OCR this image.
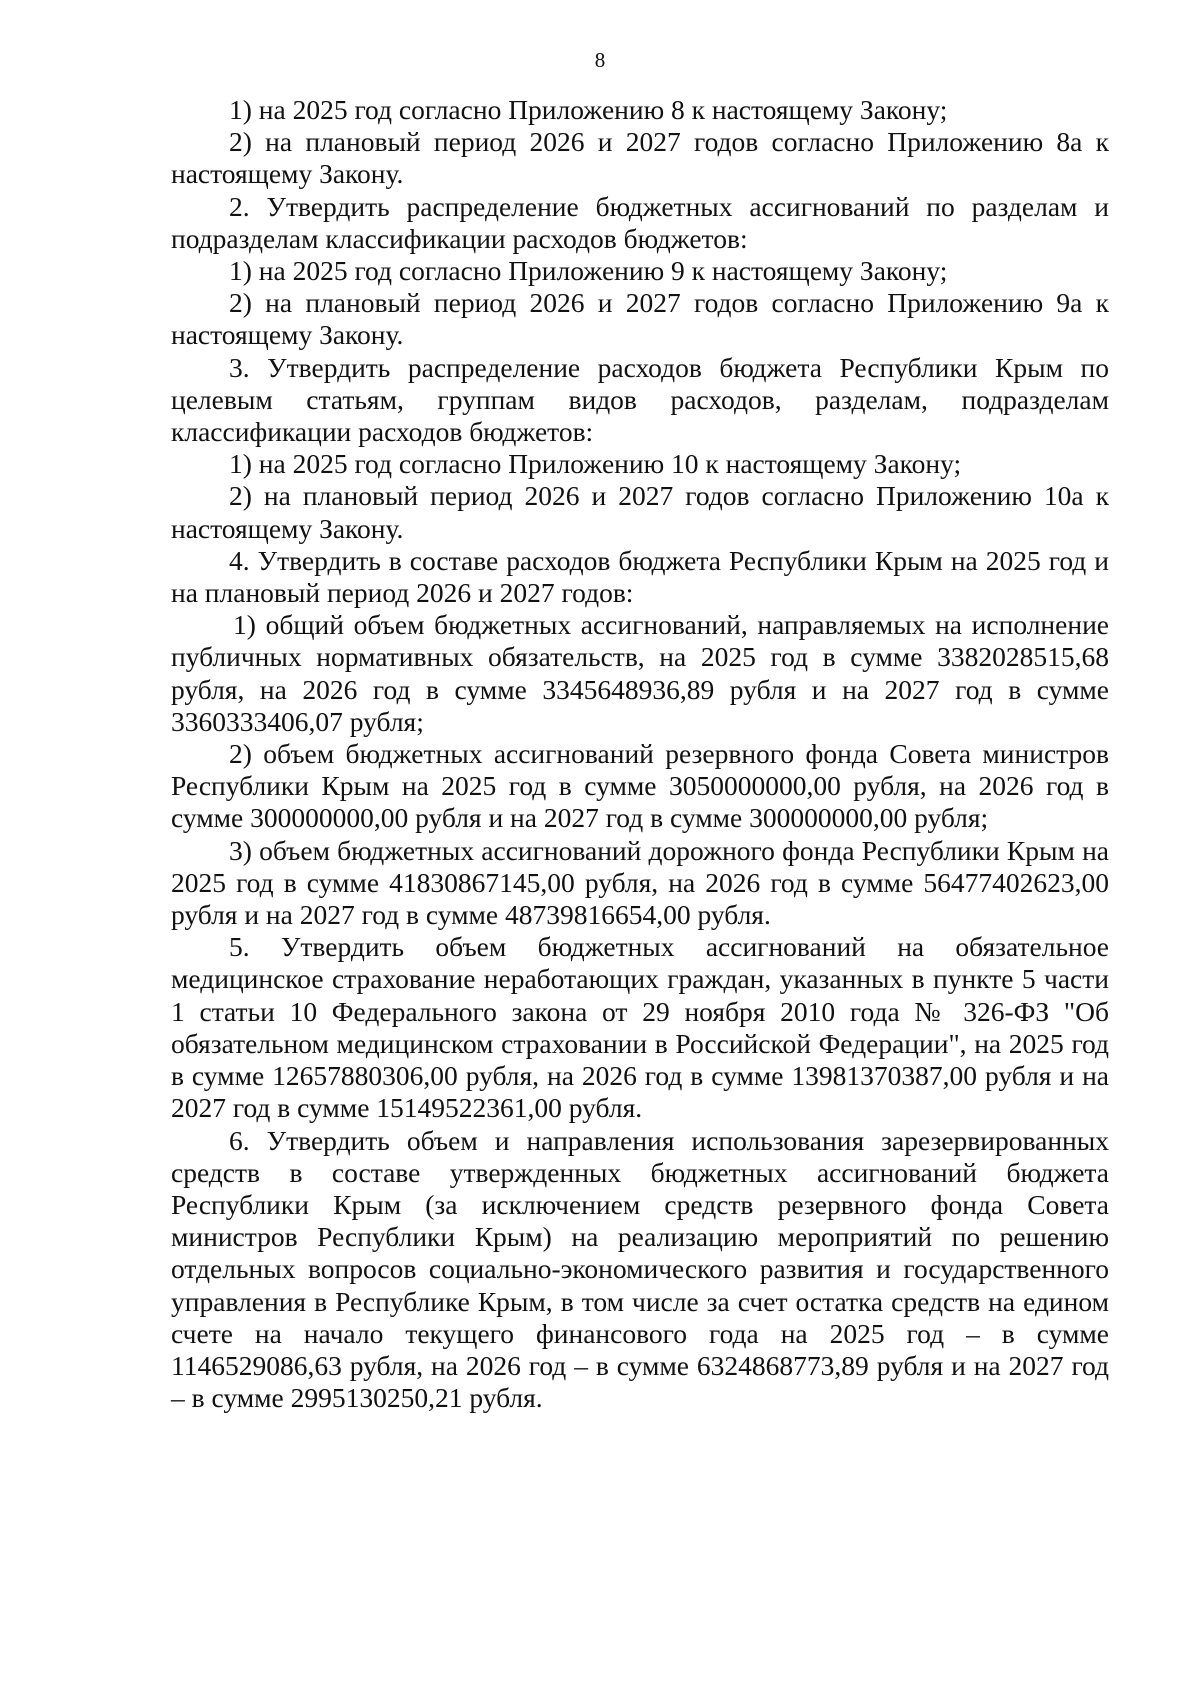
8

1) на 2025 год согласно Приложению 8 к настоящему Закону;

2) на плановый период 2026 и 2027 годов согласно Приложению 8а к настоящему Закону.

2. Утвердить распределение бюджетных ассигнований по разделам и подразделам классификации расходов бюджетов:

1) на 2025 год согласно Приложению 9 к настоящему Закону;

2) на плановый период 2026 и 2027 годов согласно Приложению 9а к настоящему Закону.

3. Утвердить распределение расходов бюджета Республики Крым по целевым статьям, группам видов расходов, разделам, подразделам классификации расходов бюджетов:

1) на 2025 год согласно Приложению 10 к настоящему Закону;

2) на плановый период 2026 и 2027 годов согласно Приложению 10а к настоящему Закону.

4. Утвердить в составе расходов бюджета Республики Крым на 2025 год и на плановый период 2026 и 2027 годов:

1) общий объем бюджетных ассигнований, направляемых на исполнение публичных нормативных обязательств, на 2025 год в сумме 3382028515,68 рубля, на 2026 год в сумме 3345648936,89 рубля и на 2027 год в сумме 3360333406,07 рубля;

2) объем бюджетных ассигнований резервного фонда Совета министров Республики Крым на 2025 год в сумме 3050000000,00 рубля, на 2026 год в сумме 300000000,00 рубля и на 2027 год в сумме 300000000,00 рубля;

3) объем бюджетных ассигнований дорожного фонда Республики Крым на 2025 год в сумме 41830867145,00 рубля, на 2026 год в сумме 56477402623,00 рубля и на 2027 год в сумме 48739816654,00 рубля.

5. Утвердить объем бюджетных ассигнований на обязательное медицинское страхование неработающих граждан, указанных в пункте 5 части 1 статьи 10 Федерального закона от 29 ноября 2010 года № 326-ФЗ "Об обязательном медицинском страховании в Российской Федерации", на 2025 год в сумме 12657880306,00 рубля, на 2026 год в сумме 13981370387,00 рубля и на 2027 год в сумме 15149522361,00 рубля.

6. Утвердить объем и направления использования зарезервированных средств в составе утвержденных бюджетных ассигнований бюджета Республики Крым (за исключением средств резервного фонда Совета министров Республики Крым) на реализацию мероприятий по решению отдельных вопросов социально-экономического развития и государственного управления в Республике Крым, в том числе за счет остатка средств на едином счете на начало текущего финансового года на 2025 год – в сумме 1146529086,63 рубля, на 2026 год – в сумме 6324868773,89 рубля и на 2027 год – в сумме 2995130250,21 рубля.
